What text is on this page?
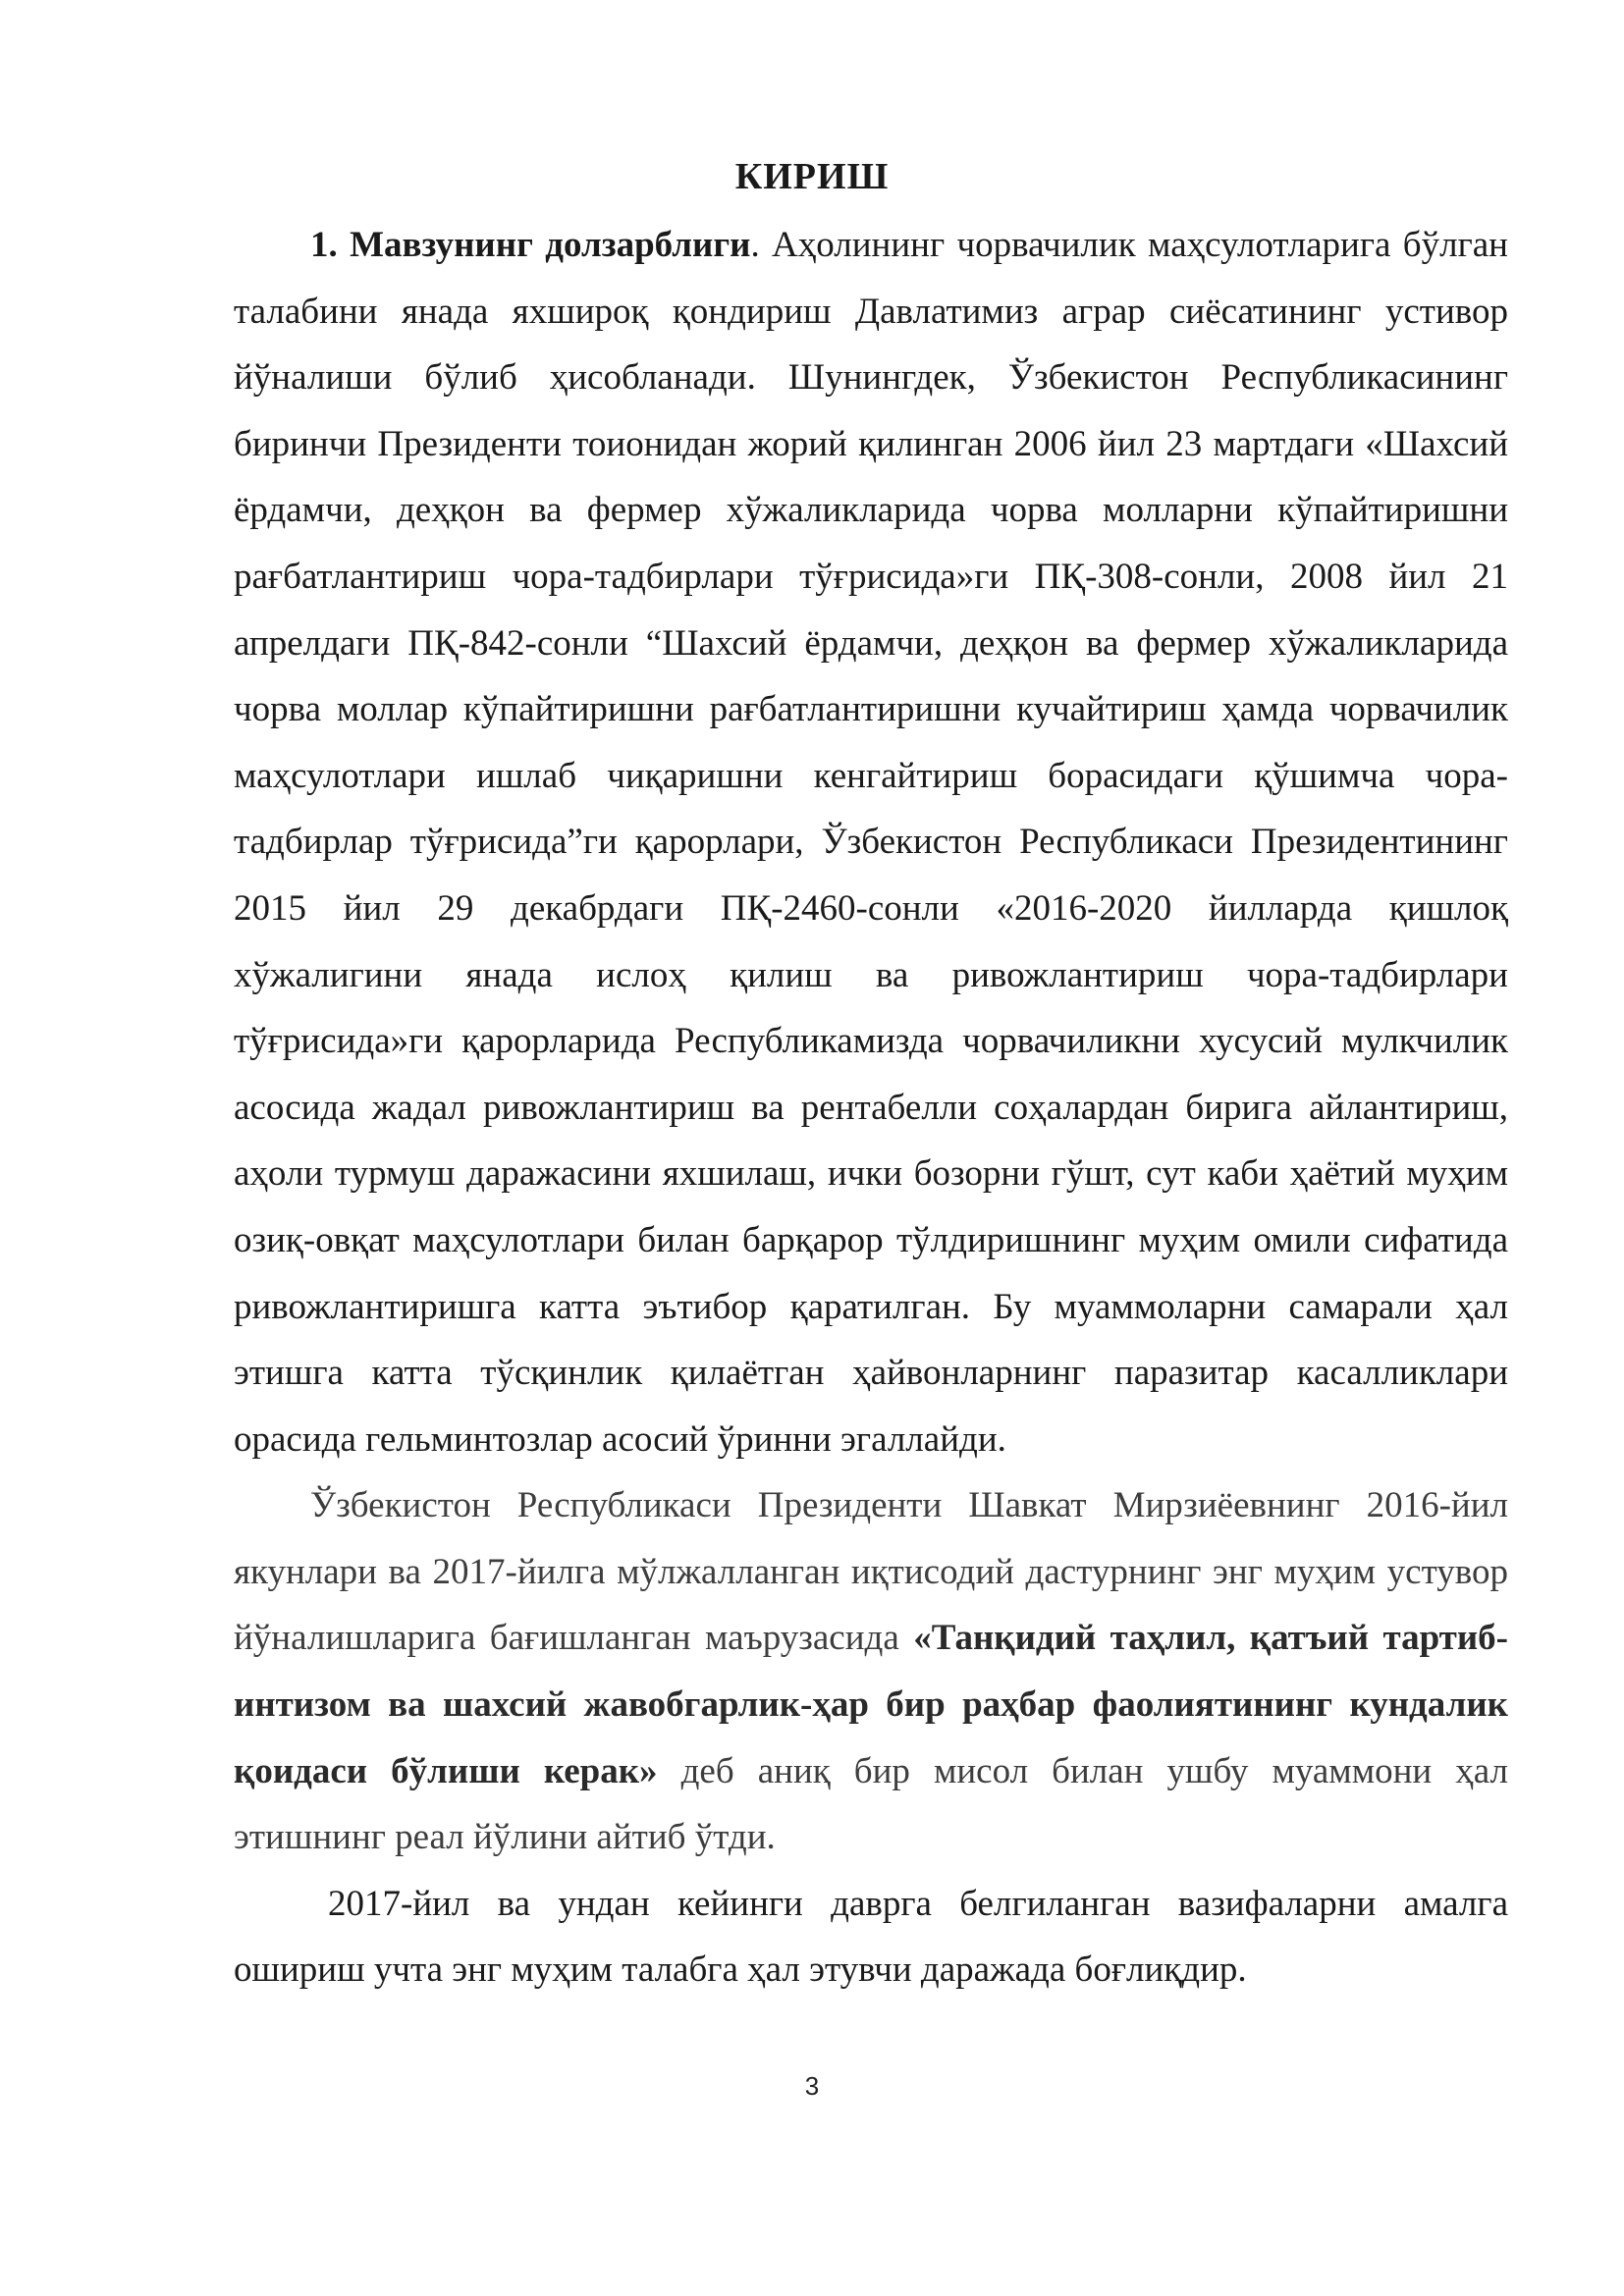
КИРИШ

1. Мавзунинг долзарблиги. Аҳолининг чорвачилик маҳсулотларига бўлган талабини янада яхшироқ қондириш Давлатимиз аграр сиёсатининг устивор йўналиши бўлиб ҳисобланади. Шунингдек, Ўзбекистон Республикасининг биринчи Президенти тоионидан жорий қилинган 2006 йил 23 мартдаги «Шахсий ёрдамчи, деҳқон ва фермер хўжаликларида чорва молларни кўпайтиришни рағбатлантириш чора-тадбирлари тўғрисида»ги ПҚ-308-сонли, 2008 йил 21 апрелдаги ПҚ-842-сонли “Шахсий ёрдамчи, деҳқон ва фермер хўжаликларида чорва моллар кўпайтиришни рағбатлантиришни кучайтириш ҳамда чорвачилик маҳсулотлари ишлаб чиқаришни кенгайтириш борасидаги қўшимча чора-тадбирлар тўғрисида”ги қарорлари, Ўзбекистон Республикаси Президентининг 2015 йил 29 декабрдаги ПҚ-2460-сонли «2016-2020 йилларда қишлоқ хўжалигини янада ислоҳ қилиш ва ривожлантириш чора-тадбирлари тўғрисида»ги қарорларида Республикамизда чорвачиликни хусусий мулкчилик асосида жадал ривожлантириш ва рентабелли соҳалардан бирига айлантириш, аҳоли турмуш даражасини яхшилаш, ички бозорни гўшт, сут каби ҳаётий муҳим озиқ-овқат маҳсулотлари билан барқарор тўлдиришнинг муҳим омили сифатида ривожлантиришга катта эътибор қаратилган. Бу муаммоларни самарали ҳал этишга катта тўсқинлик қилаётган ҳайвонларнинг паразитар касалликлари орасида гельминтозлар асосий ўринни эгаллайди.

Ўзбекистон Республикаси Президенти Шавкат Мирзиёевнинг 2016-йил якунлари ва 2017-йилга мўлжалланган иқтисодий дастурнинг энг муҳим устувор йўналишларига бағишланган маърузасида «Танқидий таҳлил, қатъий тартиб-интизом ва шахсий жавобгарлик-ҳар бир раҳбар фаолиятининг кундалик қоидаси бўлиши керак» деб аниқ бир мисол билан ушбу муаммони ҳал этишнинг реал йўлини айтиб ўтди.

2017-йил ва ундан кейинги даврга белгиланган вазифаларни амалга ошириш учта энг муҳим талабга ҳал этувчи даражада боғлиқдир.

3
